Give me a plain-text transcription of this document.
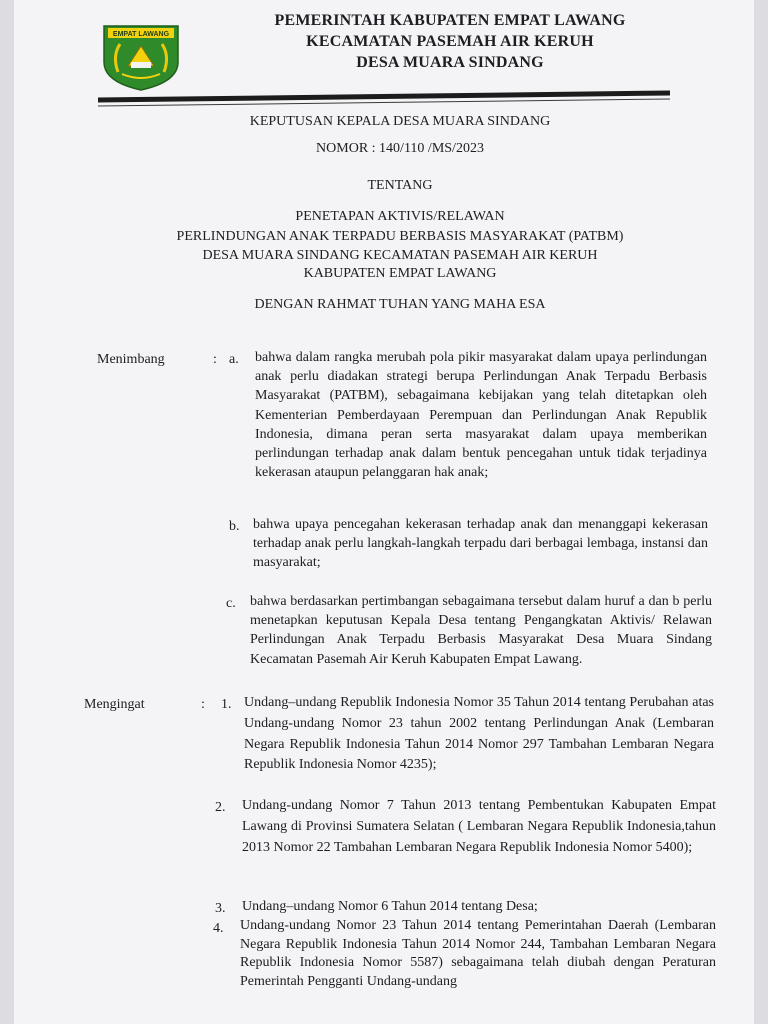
EMPAT LAWANG
PEMERINTAH KABUPATEN EMPAT LAWANG
KECAMATAN PASEMAH AIR KERUH
DESA MUARA SINDANG
KEPUTUSAN KEPALA DESA MUARA SINDANG
NOMOR : 140/110 /MS/2023
TENTANG
PENETAPAN AKTIVIS/RELAWAN
PERLINDUNGAN ANAK TERPADU BERBASIS MASYARAKAT (PATBM)
DESA MUARA SINDANG KECAMATAN PASEMAH AIR KERUH
KABUPATEN EMPAT LAWANG
DENGAN RAHMAT TUHAN YANG MAHA ESA
Menimbang	: a. bahwa dalam rangka merubah pola pikir masyarakat dalam upaya perlindungan anak perlu diadakan strategi berupa Perlindungan Anak Terpadu Berbasis Masyarakat (PATBM), sebagaimana kebijakan yang telah ditetapkan oleh Kementerian Pemberdayaan Perempuan dan Perlindungan Anak Republik Indonesia, dimana peran serta masyarakat dalam upaya memberikan perlindungan terhadap anak dalam bentuk pencegahan untuk tidak terjadinya kekerasan ataupun pelanggaran hak anak;
b. bahwa upaya pencegahan kekerasan terhadap anak dan menanggapi kekerasan terhadap anak perlu langkah-langkah terpadu dari berbagai lembaga, instansi dan masyarakat;
c. bahwa berdasarkan pertimbangan sebagaimana tersebut dalam huruf a dan b perlu menetapkan keputusan Kepala Desa tentang Pengangkatan Aktivis/ Relawan Perlindungan Anak Terpadu Berbasis Masyarakat Desa Muara Sindang Kecamatan Pasemah Air Keruh Kabupaten Empat Lawang.
Mengingat	: 1. Undang–undang Republik Indonesia Nomor 35 Tahun 2014 tentang Perubahan atas Undang-undang Nomor 23 tahun 2002 tentang Perlindungan Anak (Lembaran Negara Republik Indonesia Tahun 2014 Nomor 297 Tambahan Lembaran Negara Republik Indonesia Nomor 4235);
2. Undang-undang Nomor 7 Tahun 2013 tentang Pembentukan Kabupaten Empat Lawang di Provinsi Sumatera Selatan ( Lembaran Negara Republik Indonesia,tahun 2013 Nomor 22 Tambahan Lembaran Negara Republik Indonesia Nomor 5400);
3. Undang–undang Nomor 6 Tahun 2014 tentang Desa;
4. Undang-undang Nomor 23 Tahun 2014 tentang Pemerintahan Daerah (Lembaran Negara Republik Indonesia Tahun 2014 Nomor 244, Tambahan Lembaran Negara Republik Indonesia Nomor 5587) sebagaimana telah diubah dengan Peraturan Pemerintah Pengganti Undang-undang
